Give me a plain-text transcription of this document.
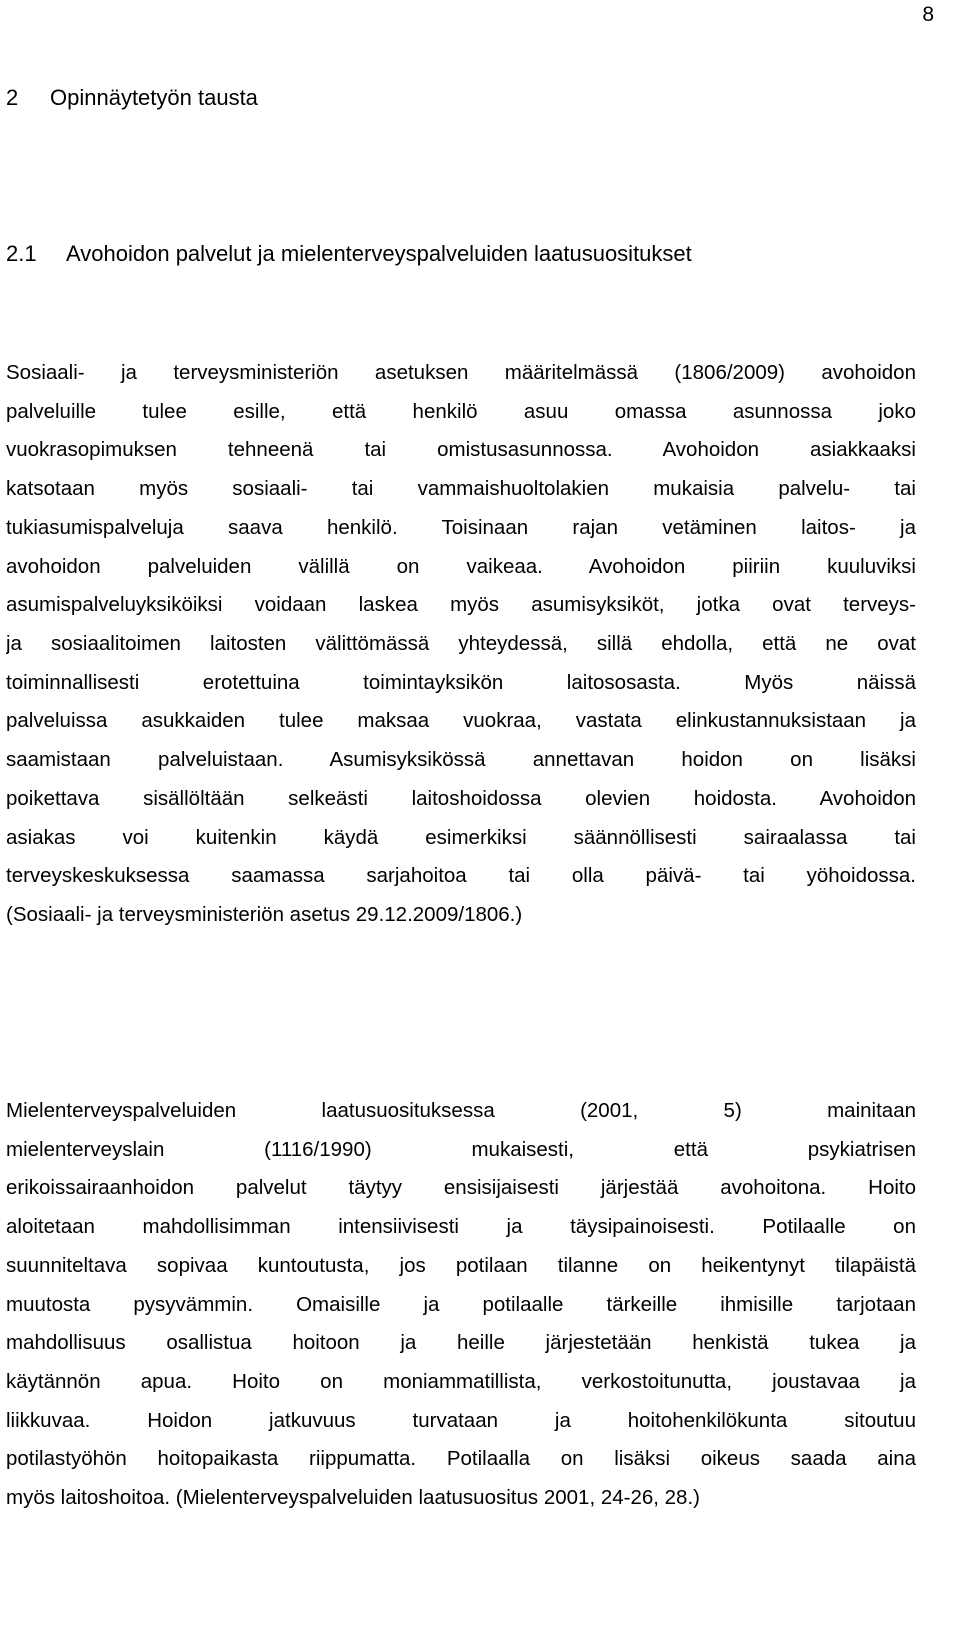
8
2 Opinnäytetyön tausta
2.1 Avohoidon palvelut ja mielenterveyspalveluiden laatusuositukset
Sosiaali- ja terveysministeriön asetuksen määritelmässä (1806/2009) avohoidon
palveluille tulee esille, että henkilö asuu omassa asunnossa joko
vuokrasopimuksen tehneenä tai omistusasunnossa. Avohoidon asiakkaaksi
katsotaan myös sosiaali- tai vammaishuoltolakien mukaisia palvelu- tai
tukiasumispalveluja saava henkilö. Toisinaan rajan vetäminen laitos- ja
avohoidon palveluiden välillä on vaikeaa. Avohoidon piiriin kuuluviksi
asumispalveluyksiköiksi voidaan laskea myös asumisyksiköt, jotka ovat terveys-
ja sosiaalitoimen laitosten välittömässä yhteydessä, sillä ehdolla, että ne ovat
toiminnallisesti erotettuina toimintayksikön laitososasta. Myös näissä
palveluissa asukkaiden tulee maksaa vuokraa, vastata elinkustannuksistaan ja
saamistaan palveluistaan. Asumisyksikössä annettavan hoidon on lisäksi
poikettava sisällöltään selkeästi laitoshoidossa olevien hoidosta. Avohoidon
asiakas voi kuitenkin käydä esimerkiksi säännöllisesti sairaalassa tai
terveyskeskuksessa saamassa sarjahoitoa tai olla päivä- tai yöhoidossa.
(Sosiaali- ja terveysministeriön asetus 29.12.2009/1806.)
Mielenterveyspalveluiden laatusuosituksessa (2001, 5) mainitaan
mielenterveyslain (1116/1990) mukaisesti, että psykiatrisen
erikoissairaanhoidon palvelut täytyy ensisijaisesti järjestää avohoitona. Hoito
aloitetaan mahdollisimman intensiivisesti ja täysipainoisesti. Potilaalle on
suunniteltava sopivaa kuntoutusta, jos potilaan tilanne on heikentynyt tilapäistä
muutosta pysyvämmin. Omaisille ja potilaalle tärkeille ihmisille tarjotaan
mahdollisuus osallistua hoitoon ja heille järjestetään henkistä tukea ja
käytännön apua. Hoito on moniammatillista, verkostoitunutta, joustavaa ja
liikkuvaa. Hoidon jatkuvuus turvataan ja hoitohenkilökunta sitoutuu
potilastyöhön hoitopaikasta riippumatta. Potilaalla on lisäksi oikeus saada aina
myös laitoshoitoa. (Mielenterveyspalveluiden laatusuositus 2001, 24-26, 28.)
